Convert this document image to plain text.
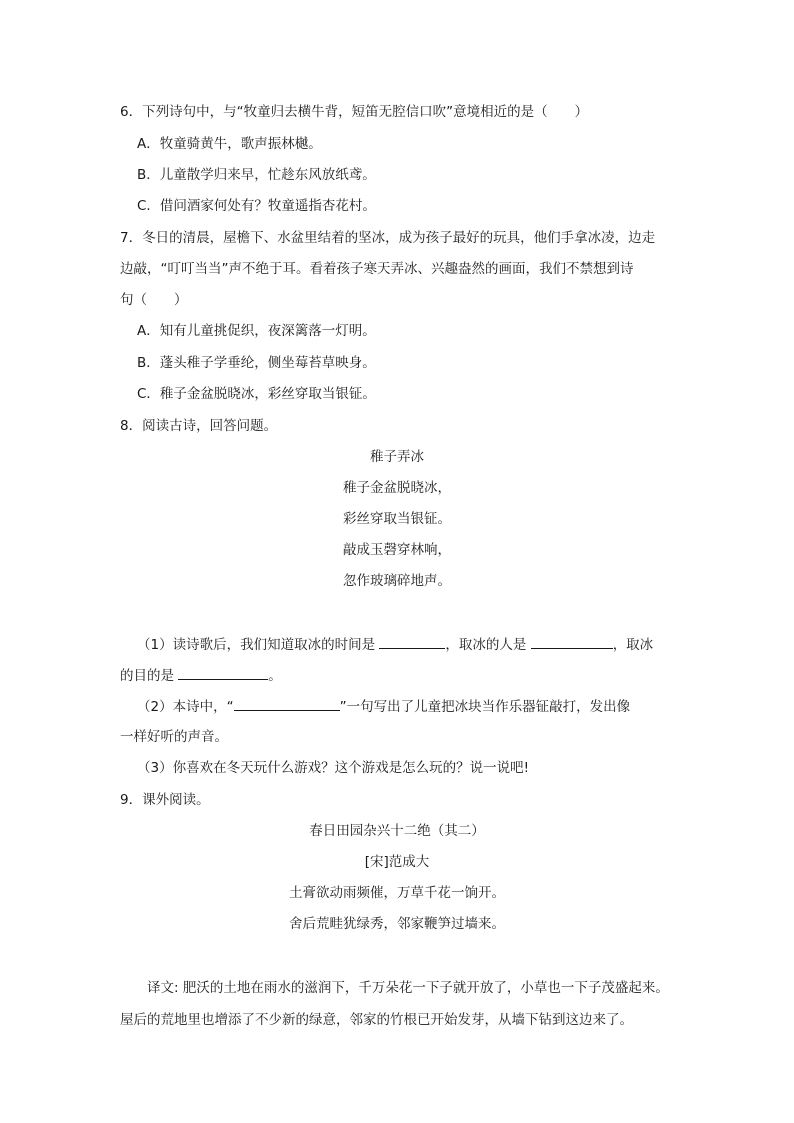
6．下列诗句中，与“牧童归去横牛背，短笛无腔信口吹”意境相近的是（　　）
A．牧童骑黄牛，歌声振林樾。
B．儿童散学归来早，忙趁东风放纸鸢。
C．借问酒家何处有？牧童遥指杏花村。
7．冬日的清晨，屋檐下、水盆里结着的坚冰，成为孩子最好的玩具，他们手拿冰凌，边走
边敲，“叮叮当当”声不绝于耳。看着孩子寒天弄冰、兴趣盎然的画面，我们不禁想到诗
句（　　）
A．知有儿童挑促织，夜深篱落一灯明。
B．蓬头稚子学垂纶，侧坐莓苔草映身。
C．稚子金盆脱晓冰，彩丝穿取当银钲。
8．阅读古诗，回答问题。
稚子弄冰
稚子金盆脱晓冰，
彩丝穿取当银钲。
敲成玉磬穿林响，
忽作玻璃碎地声。
（1）读诗歌后，我们知道取冰的时间是	，取冰的人是	，取冰
的目的是	。
（2）本诗中，“	”一句写出了儿童把冰块当作乐器钲敲打，发出像
一样好听的声音。
（3）你喜欢在冬天玩什么游戏？这个游戏是怎么玩的？说一说吧!
9．课外阅读。
春日田园杂兴十二绝（其二）
[宋]范成大
土膏欲动雨频催，万草千花一饷开。
舍后荒畦犹绿秀，邻家鞭笋过墙来。
译文: 肥沃的土地在雨水的滋润下，千万朵花一下子就开放了，小草也一下子茂盛起来。屋后的荒地里也增添了不少新的绿意，邻家的竹根已开始发芽，从墙下钻到这边来了。
